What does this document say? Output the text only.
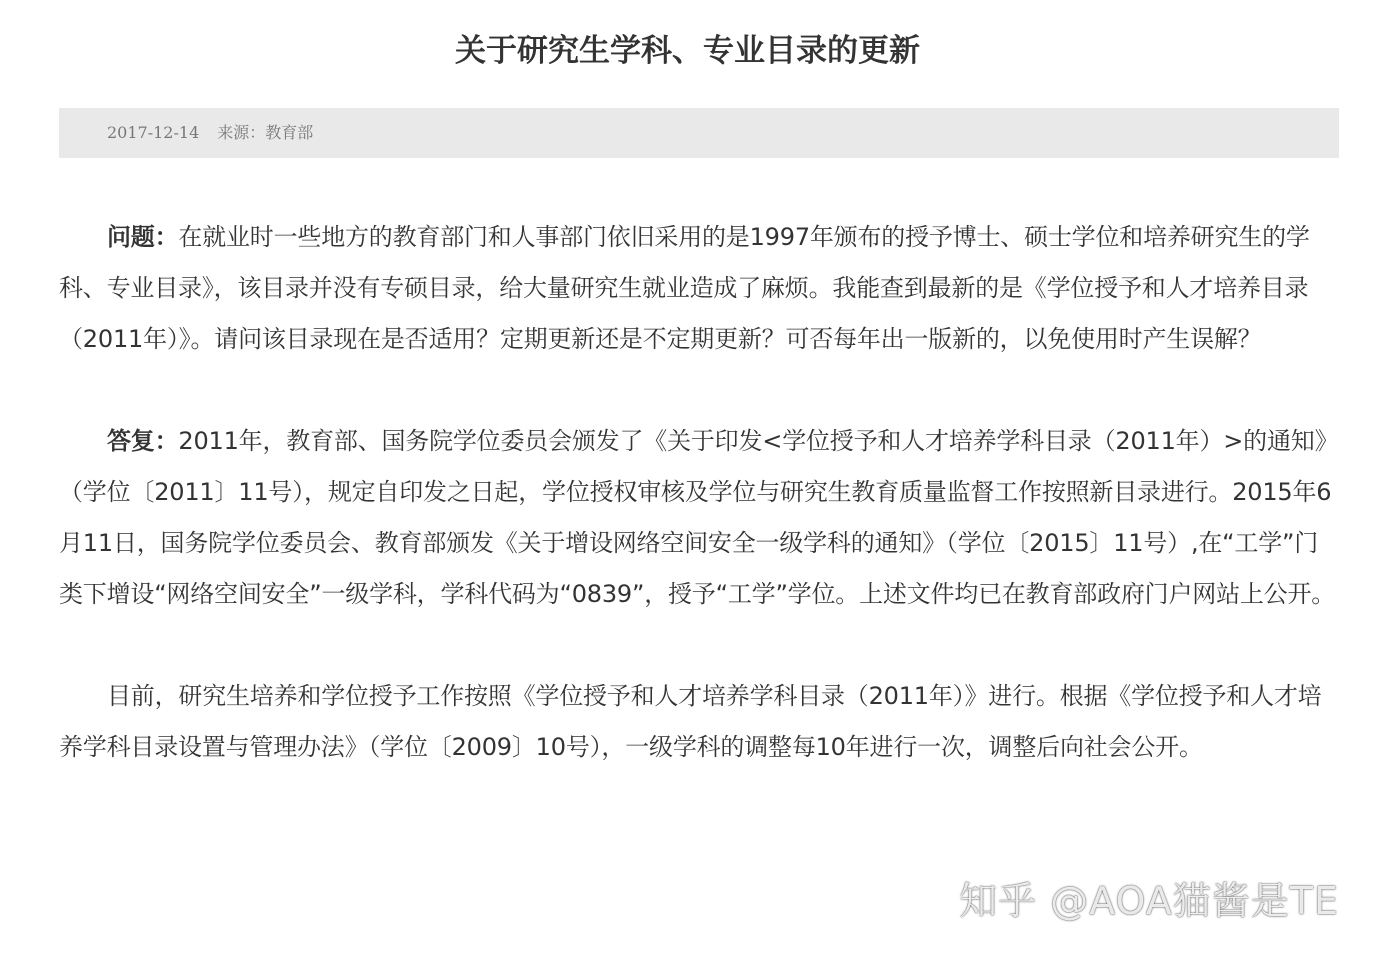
关于研究生学科、专业目录的更新
2017-12-14 来源：教育部

问题：在就业时一些地方的教育部门和人事部门依旧采用的是1997年颁布的授予博士、硕士学位和培养研究生的学科、专业目录》，该目录并没有专硕目录，给大量研究生就业造成了麻烦。我能查到最新的是《学位授予和人才培养目录（2011年）》。请问该目录现在是否适用？定期更新还是不定期更新？可否每年出一版新的，以免使用时产生误解？

答复：2011年，教育部、国务院学位委员会颁发了《关于印发<学位授予和人才培养学科目录（2011年）>的通知》（学位〔2011〕11号），规定自印发之日起，学位授权审核及学位与研究生教育质量监督工作按照新目录进行。2015年6月11日，国务院学位委员会、教育部颁发《关于增设网络空间安全一级学科的通知》（学位〔2015〕11号）,在“工学”门类下增设“网络空间安全”一级学科，学科代码为“0839”，授予“工学”学位。上述文件均已在教育部政府门户网站上公开。

目前，研究生培养和学位授予工作按照《学位授予和人才培养学科目录（2011年）》进行。根据《学位授予和人才培养学科目录设置与管理办法》（学位〔2009〕10号），一级学科的调整每10年进行一次，调整后向社会公开。

知乎 @AOA猫酱是TE
